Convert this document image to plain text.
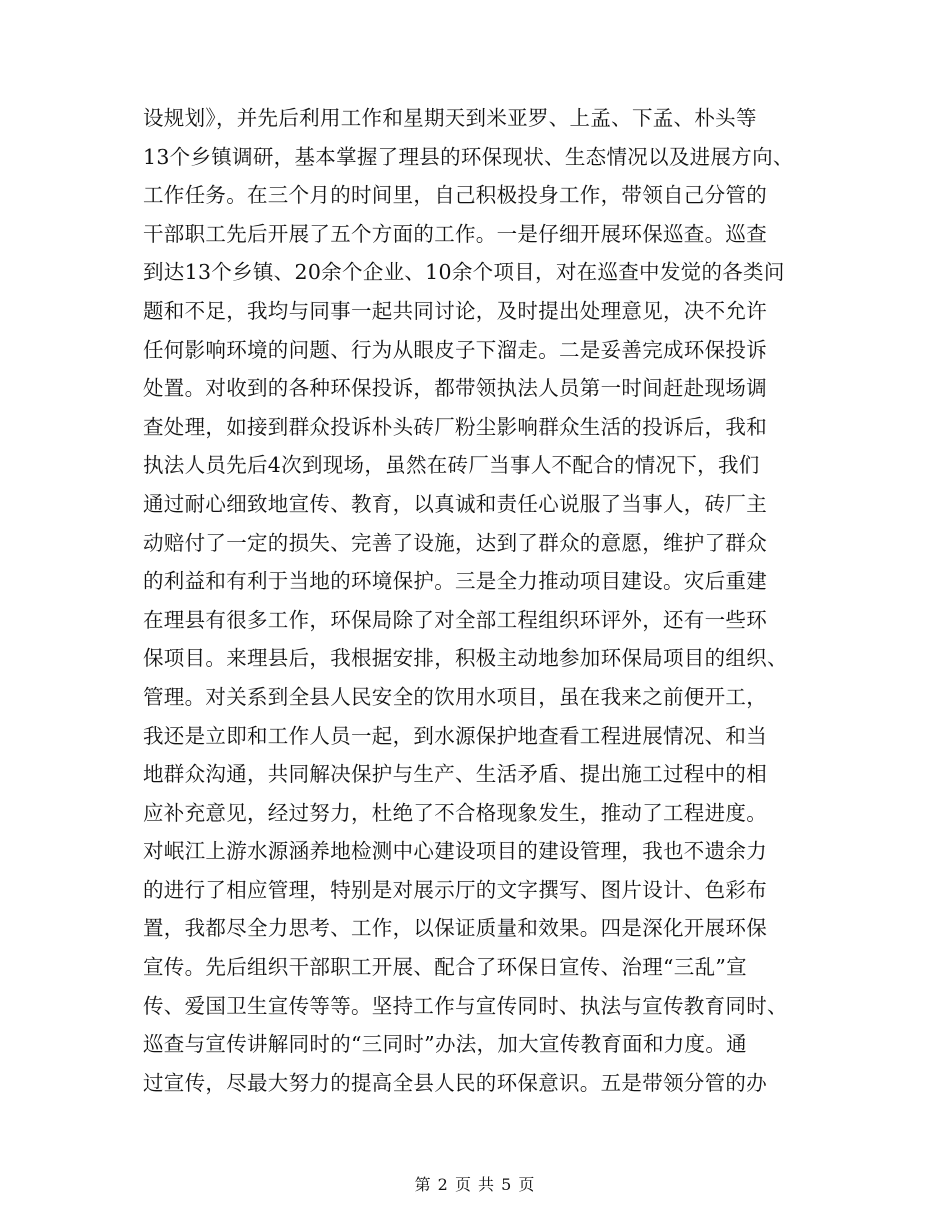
设规划》，并先后利用工作和星期天到米亚罗、上孟、下孟、朴头等
13个乡镇调研，基本掌握了理县的环保现状、生态情况以及进展方向、
工作任务。在三个月的时间里，自己积极投身工作，带领自己分管的
干部职工先后开展了五个方面的工作。一是仔细开展环保巡查。巡查
到达13个乡镇、20余个企业、10余个项目，对在巡查中发觉的各类问
题和不足，我均与同事一起共同讨论，及时提出处理意见，决不允许
任何影响环境的问题、行为从眼皮子下溜走。二是妥善完成环保投诉
处置。对收到的各种环保投诉，都带领执法人员第一时间赶赴现场调
查处理，如接到群众投诉朴头砖厂粉尘影响群众生活的投诉后，我和
执法人员先后4次到现场，虽然在砖厂当事人不配合的情况下，我们
通过耐心细致地宣传、教育，以真诚和责任心说服了当事人，砖厂主
动赔付了一定的损失、完善了设施，达到了群众的意愿，维护了群众
的利益和有利于当地的环境保护。三是全力推动项目建设。灾后重建
在理县有很多工作，环保局除了对全部工程组织环评外，还有一些环
保项目。来理县后，我根据安排，积极主动地参加环保局项目的组织、
管理。对关系到全县人民安全的饮用水项目，虽在我来之前便开工，
我还是立即和工作人员一起，到水源保护地查看工程进展情况、和当
地群众沟通，共同解决保护与生产、生活矛盾、提出施工过程中的相
应补充意见，经过努力，杜绝了不合格现象发生，推动了工程进度。
对岷江上游水源涵养地检测中心建设项目的建设管理，我也不遗余力
的进行了相应管理，特别是对展示厅的文字撰写、图片设计、色彩布
置，我都尽全力思考、工作，以保证质量和效果。四是深化开展环保
宣传。先后组织干部职工开展、配合了环保日宣传、治理“三乱”宣
传、爱国卫生宣传等等。坚持工作与宣传同时、执法与宣传教育同时、
巡查与宣传讲解同时的“三同时”办法，加大宣传教育面和力度。通
过宣传，尽最大努力的提高全县人民的环保意识。五是带领分管的办
第 2 页 共 5 页
